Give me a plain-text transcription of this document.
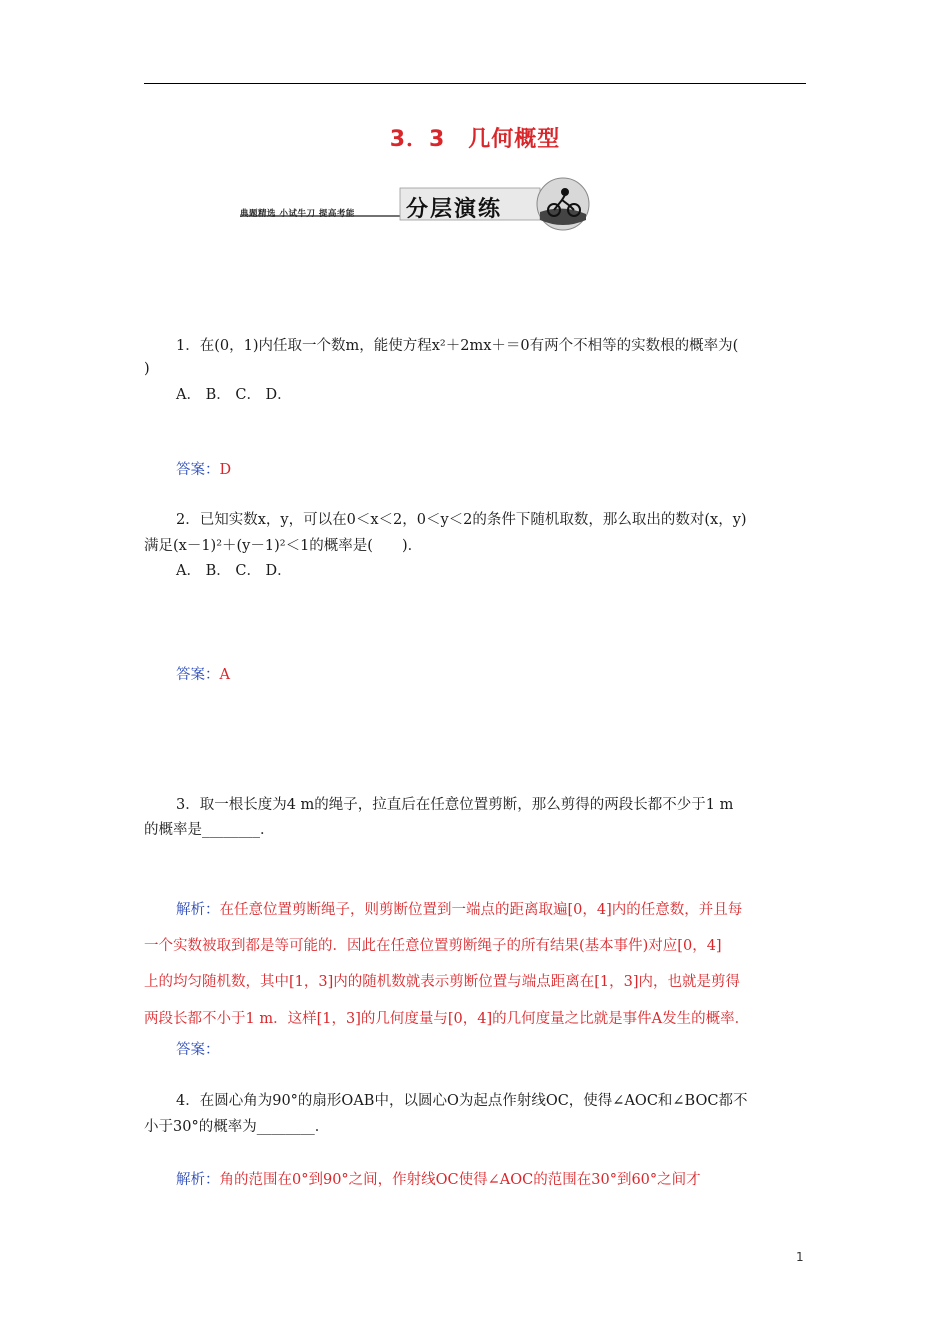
3．3　几何概型
典题精选 小试牛刀 提高考能 分层演练
1．在(0，1)内任取一个数m，能使方程x²＋2mx＋＝0有两个不相等的实数根的概率为(
)
A． B． C． D．
答案：D
2．已知实数x，y，可以在0＜x＜2，0＜y＜2的条件下随机取数，那么取出的数对(x，y)
满足(x－1)²＋(y－1)²＜1的概率是(　　)．
A． B． C． D．
答案：A
3．取一根长度为4 m的绳子，拉直后在任意位置剪断，那么剪得的两段长都不少于1 m
的概率是________．
解析：在任意位置剪断绳子，则剪断位置到一端点的距离取遍[0，4]内的任意数，并且每
一个实数被取到都是等可能的．因此在任意位置剪断绳子的所有结果(基本事件)对应[0，4]
上的均匀随机数，其中[1，3]内的随机数就表示剪断位置与端点距离在[1，3]内，也就是剪得
两段长都不小于1 m．这样[1，3]的几何度量与[0，4]的几何度量之比就是事件A发生的概率．
答案：
4．在圆心角为90°的扇形OAB中，以圆心O为起点作射线OC，使得∠AOC和∠BOC都不
小于30°的概率为________．
解析：角的范围在0°到90°之间，作射线OC使得∠AOC的范围在30°到60°之间才
1
